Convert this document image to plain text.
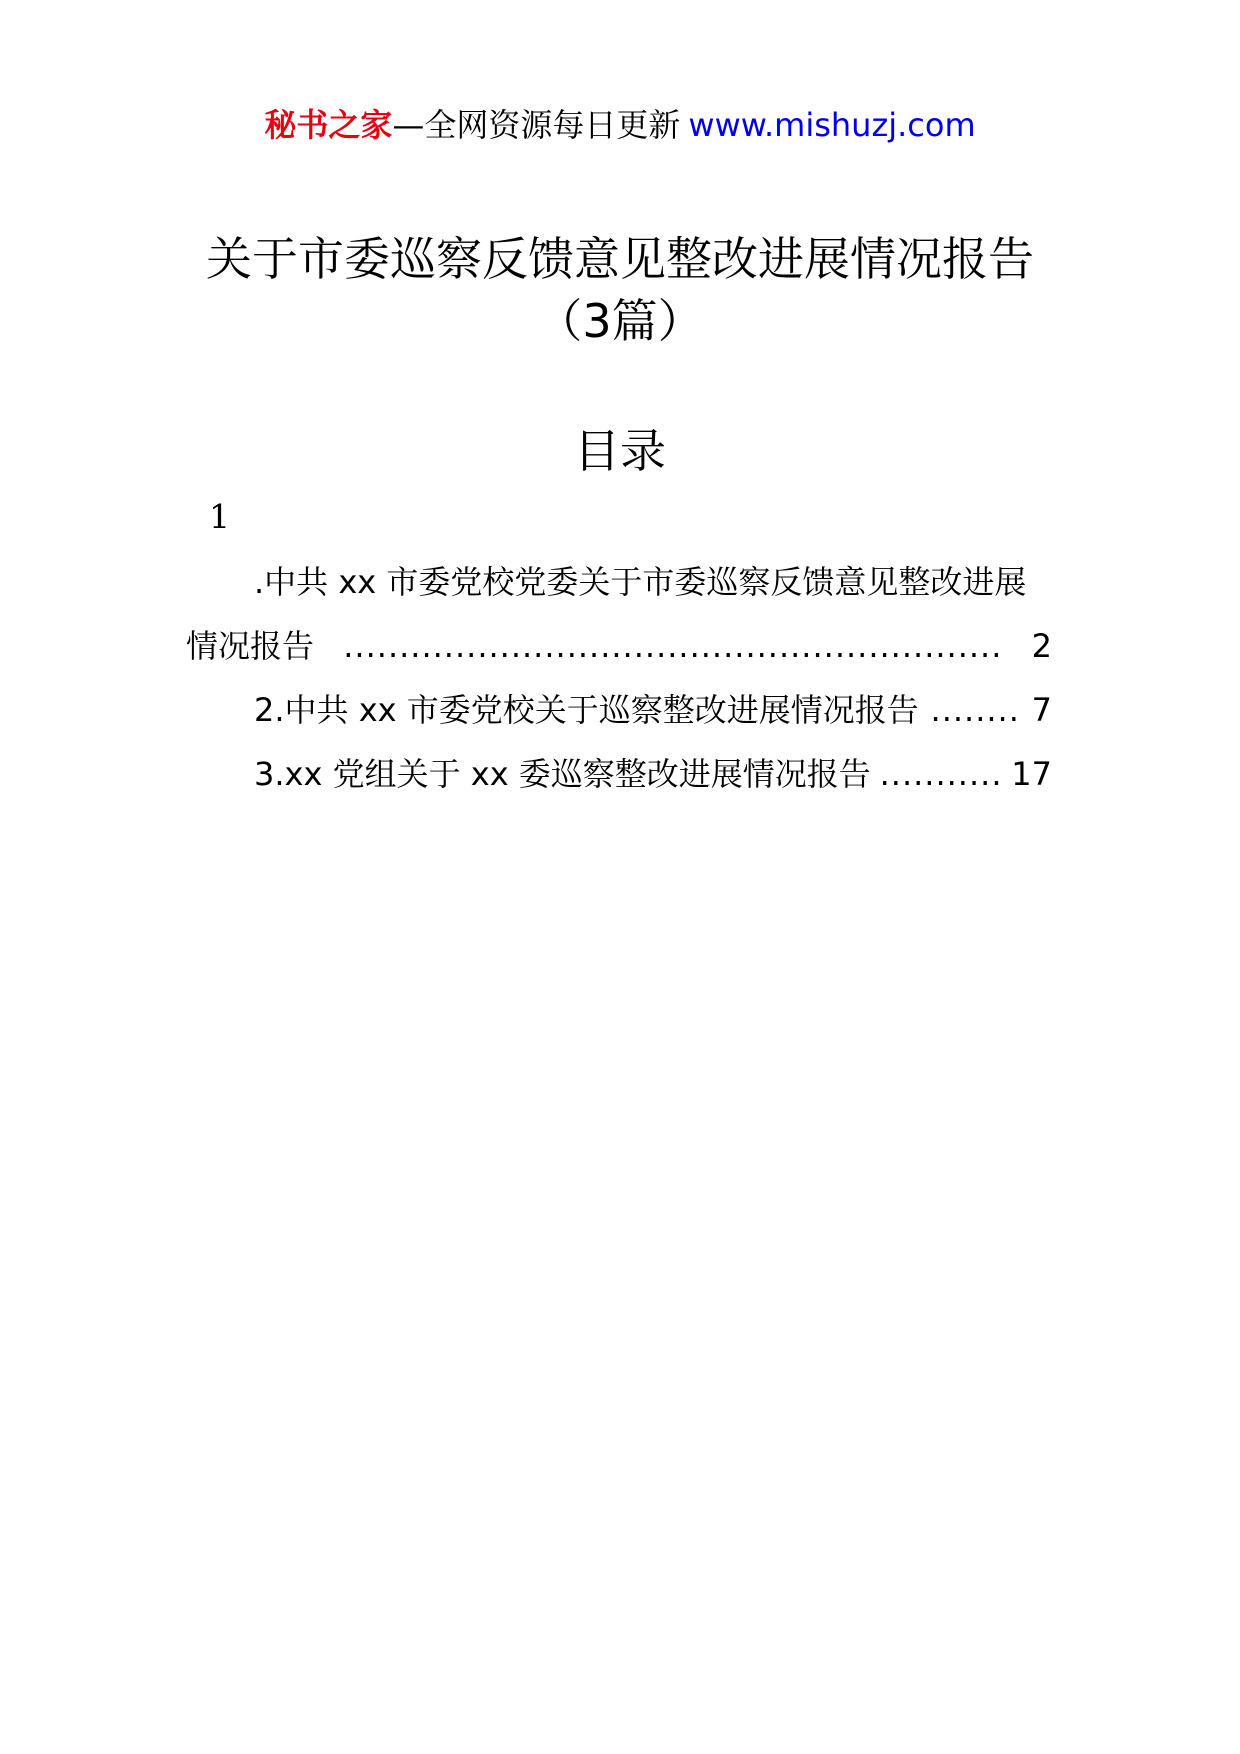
秘书之家—全网资源每日更新 www.mishuzj.com
关于市委巡察反馈意见整改进展情况报告
（3篇）
目录
1
.中共 xx 市委党校党委关于市委巡察反馈意见整改进展
情况报告 ........................................................... 2
2.中共 xx 市委党校关于巡察整改进展情况报告 ........ 7
3.xx 党组关于 xx 委巡察整改进展情况报告 ........... 17
